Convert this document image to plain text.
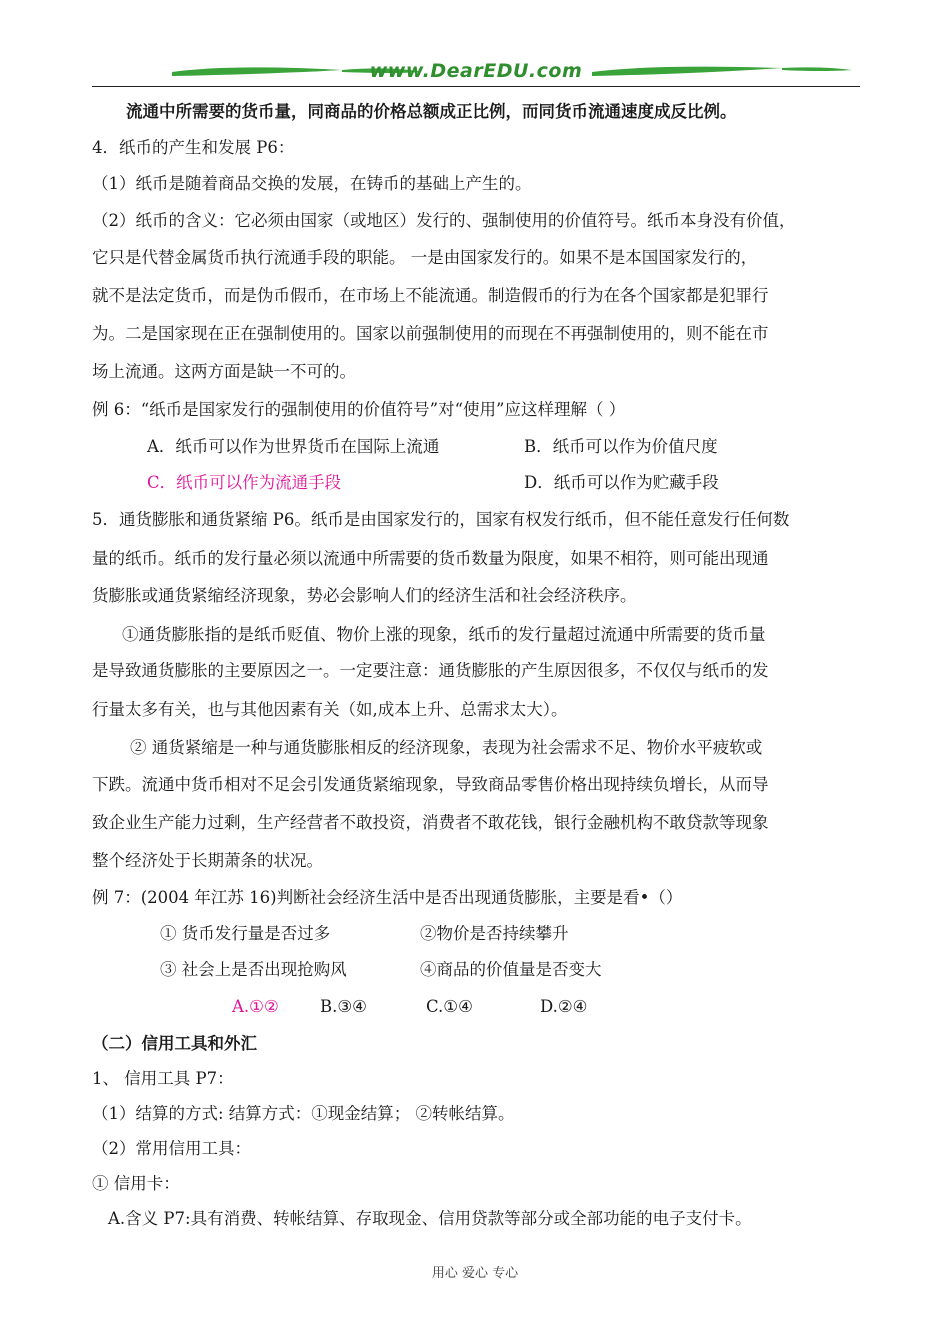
www.DearEDU.com
流通中所需要的货币量，同商品的价格总额成正比例，而同货币流通速度成反比例。
4．纸币的产生和发展 P6：
（1）纸币是随着商品交换的发展，在铸币的基础上产生的。
（2）纸币的含义：它必须由国家（或地区）发行的、强制使用的价值符号。纸币本身没有价值，
它只是代替金属货币执行流通手段的职能。 一是由国家发行的。如果不是本国国家发行的，
就不是法定货币，而是伪币假币，在市场上不能流通。制造假币的行为在各个国家都是犯罪行
为。二是国家现在正在强制使用的。国家以前强制使用的而现在不再强制使用的，则不能在市
场上流通。这两方面是缺一不可的。
例 6：“纸币是国家发行的强制使用的价值符号”对“使用”应这样理解（ ）
A．纸币可以作为世界货币在国际上流通	B．纸币可以作为价值尺度
C．纸币可以作为流通手段	D．纸币可以作为贮藏手段
5．通货膨胀和通货紧缩 P6。纸币是由国家发行的，国家有权发行纸币，但不能任意发行任何数
量的纸币。纸币的发行量必须以流通中所需要的货币数量为限度，如果不相符，则可能出现通
货膨胀或通货紧缩经济现象，势必会影响人们的经济生活和社会经济秩序。
①通货膨胀指的是纸币贬值、物价上涨的现象，纸币的发行量超过流通中所需要的货币量
是导致通货膨胀的主要原因之一。一定要注意：通货膨胀的产生原因很多，不仅仅与纸币的发
行量太多有关，也与其他因素有关（如,成本上升、总需求太大）。
② 通货紧缩是一种与通货膨胀相反的经济现象，表现为社会需求不足、物价水平疲软或
下跌。流通中货币相对不足会引发通货紧缩现象，导致商品零售价格出现持续负增长，从而导
致企业生产能力过剩，生产经营者不敢投资，消费者不敢花钱，银行金融机构不敢贷款等现象
整个经济处于长期萧条的状况。
例 7：(2004 年江苏 16)判断社会经济生活中是否出现通货膨胀，主要是看•（）
① 货币发行量是否过多	②物价是否持续攀升
③ 社会上是否出现抢购风	④商品的价值量是否变大
A.①②	B.③④	C.①④	D.②④
（二）信用工具和外汇
1、 信用工具 P7：
（1）结算的方式: 结算方式：①现金结算； ②转帐结算。
（2）常用信用工具：
① 信用卡：
A.含义 P7:具有消费、转帐结算、存取现金、信用贷款等部分或全部功能的电子支付卡。
用心 爱心 专心
